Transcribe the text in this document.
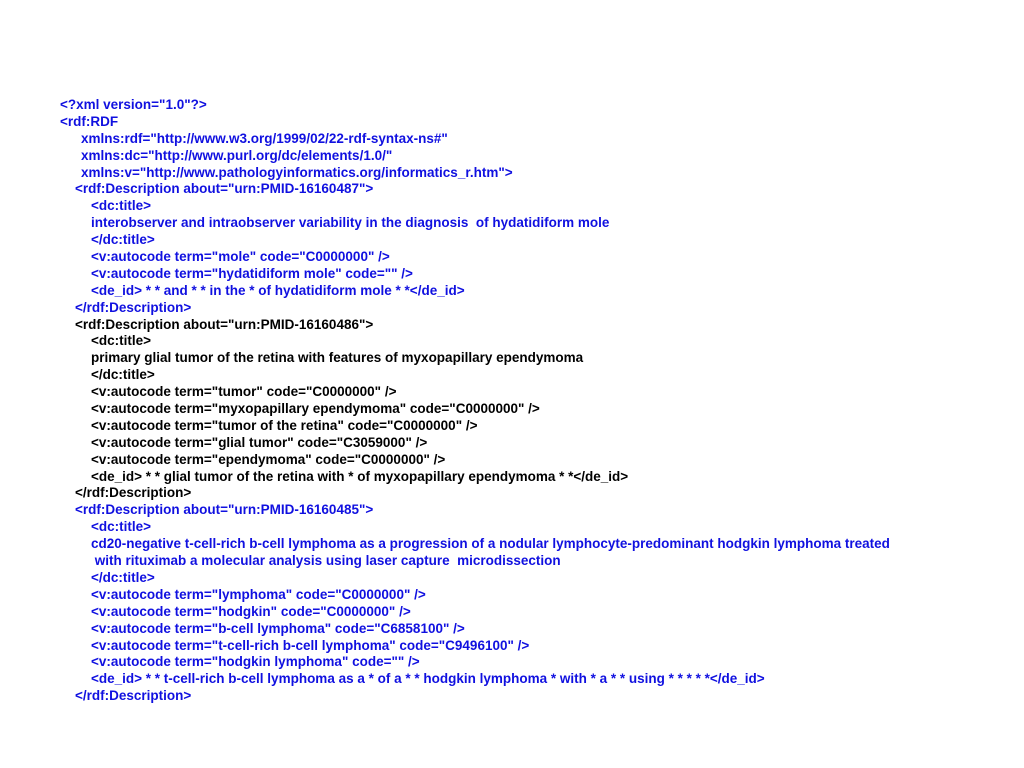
<?xml version="1.0"?>
<rdf:RDF
xmlns:rdf="http://www.w3.org/1999/02/22-rdf-syntax-ns#"
xmlns:dc="http://www.purl.org/dc/elements/1.0/"
xmlns:v="http://www.pathologyinformatics.org/informatics_r.htm">
<rdf:Description about="urn:PMID-16160487">
<dc:title>
interobserver and intraobserver variability in the diagnosis  of hydatidiform mole
</dc:title>
<v:autocode term="mole" code="C0000000" />
<v:autocode term="hydatidiform mole" code="" />
<de_id> * * and * * in the * of hydatidiform mole * *</de_id>
</rdf:Description>
<rdf:Description about="urn:PMID-16160486">
<dc:title>
primary glial tumor of the retina with features of myxopapillary ependymoma
</dc:title>
<v:autocode term="tumor" code="C0000000" />
<v:autocode term="myxopapillary ependymoma" code="C0000000" />
<v:autocode term="tumor of the retina" code="C0000000" />
<v:autocode term="glial tumor" code="C3059000" />
<v:autocode term="ependymoma" code="C0000000" />
<de_id> * * glial tumor of the retina with * of myxopapillary ependymoma * *</de_id>
</rdf:Description>
<rdf:Description about="urn:PMID-16160485">
<dc:title>
cd20-negative t-cell-rich b-cell lymphoma as a progression of a nodular lymphocyte-predominant hodgkin lymphoma treated
with rituximab a molecular analysis using laser capture  microdissection
</dc:title>
<v:autocode term="lymphoma" code="C0000000" />
<v:autocode term="hodgkin" code="C0000000" />
<v:autocode term="b-cell lymphoma" code="C6858100" />
<v:autocode term="t-cell-rich b-cell lymphoma" code="C9496100" />
<v:autocode term="hodgkin lymphoma" code="" />
<de_id> * * t-cell-rich b-cell lymphoma as a * of a * * hodgkin lymphoma * with * a * * using * * * * *</de_id>
</rdf:Description>
